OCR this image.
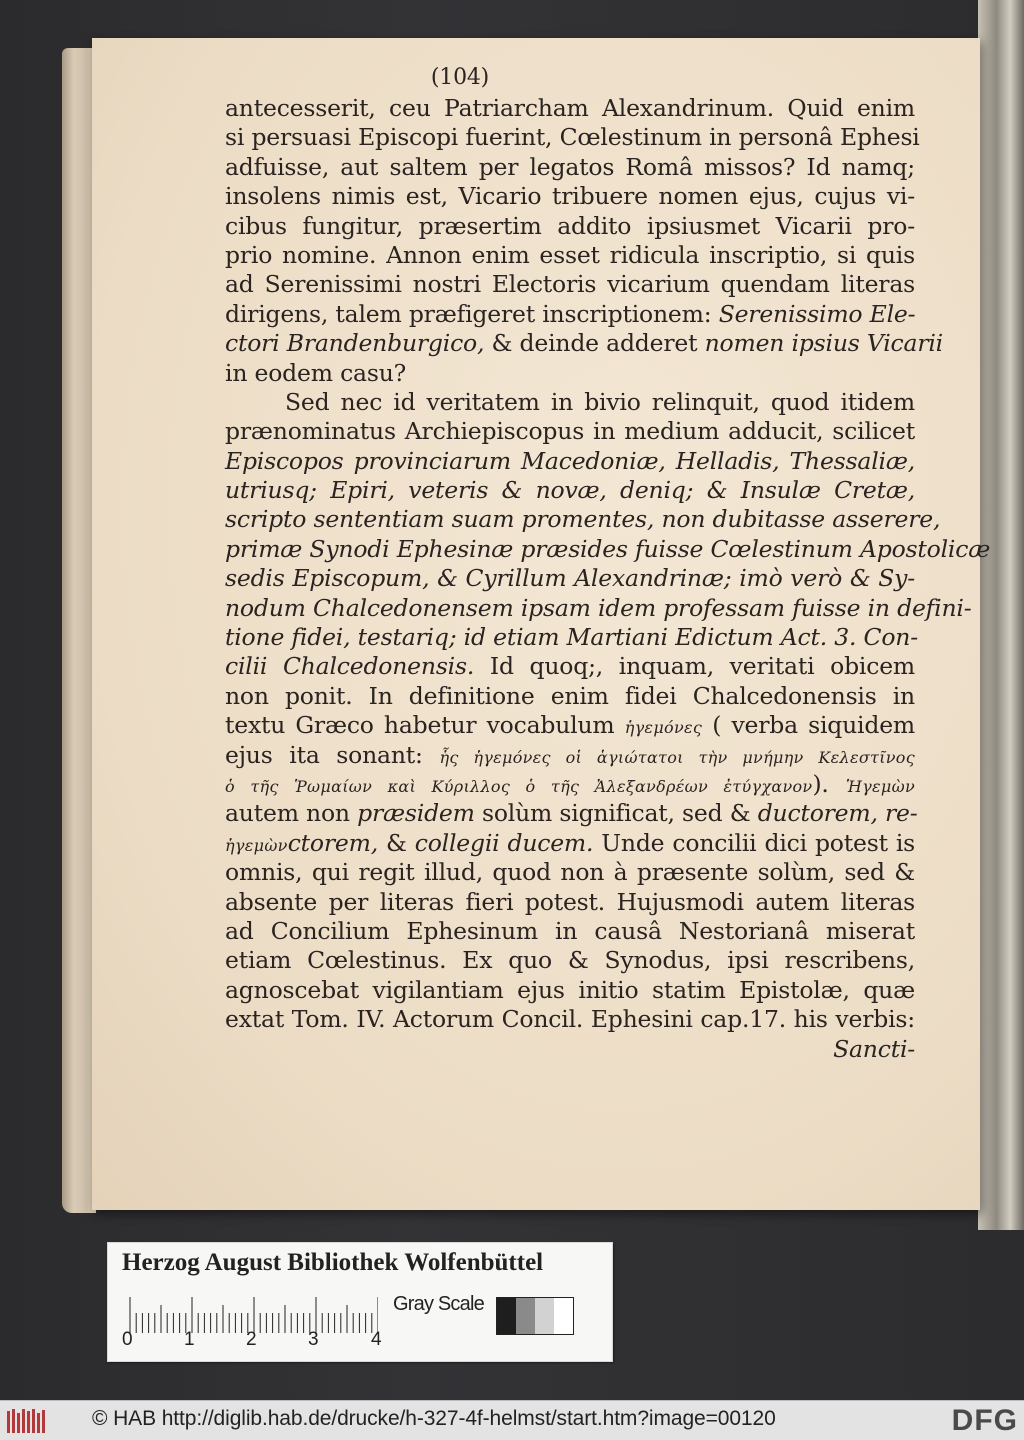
(104)
antecesserit, ceu Patriarcham Alexandrinum. Quid enim
si persuasi Episcopi fuerint, Cœlestinum in personâ Ephesi
adfuisse, aut saltem per legatos Româ missos? Id namq;
insolens nimis est, Vicario tribuere nomen ejus, cujus vi-
cibus fungitur, præsertim addito ipsiusmet Vicarii pro-
prio nomine. Annon enim esset ridicula inscriptio, si quis
ad Serenissimi nostri Electoris vicarium quendam literas
dirigens, talem præfigeret inscriptionem: Serenissimo Ele-
ctori Brandenburgico, & deinde adderet nomen ipsius Vicarii
in eodem casu?
Sed nec id veritatem in bivio relinquit, quod itidem
prænominatus Archiepiscopus in medium adducit, scilicet
Episcopos provinciarum Macedoniæ, Helladis, Thessaliæ,
utriusq; Epiri, veteris & novæ, deniq; & Insulæ Cretæ,
scripto sententiam suam promentes, non dubitasse asserere,
primæ Synodi Ephesinæ præsides fuisse Cœlestinum Apostolicæ
sedis Episcopum, & Cyrillum Alexandrinæ; imò verò & Sy-
nodum Chalcedonensem ipsam idem professam fuisse in defini-
tione fidei, testariq; id etiam Martiani Edictum Act. 3. Con-
cilii Chalcedonensis. Id quoq;, inquam, veritati obicem
non ponit. In definitione enim fidei Chalcedonensis in
textu Græco habetur vocabulum ἡγεμόνες ( verba siquidem
ejus ita sonant: ἧς ἡγεμόνες οἱ ἁγιώτατοι τὴν μνήμην Κελεστῖνος
ὁ τῆς Ῥωμαίων καὶ Κύριλλος ὁ τῆς Ἀλεξανδρέων ἐτύγχανον). Ἡγεμὼν
autem non præsidem solùm significat, sed & ductorem, re-
ἡγεμὼνctorem, & collegii ducem. Unde concilii dici potest is
omnis, qui regit illud, quod non à præsente solùm, sed &
absente per literas fieri potest. Hujusmodi autem literas
ad Concilium Ephesinum in causâ Nestorianâ miserat
etiam Cœlestinus. Ex quo & Synodus, ipsi rescribens,
agnoscebat vigilantiam ejus initio statim Epistolæ, quæ
extat Tom. IV. Actorum Concil. Ephesini cap.17. his verbis:
Sancti-
Herzog August Bibliothek Wolfenbüttel
0	1	2	3	4
Gray Scale
© HAB http://diglib.hab.de/drucke/h-327-4f-helmst/start.htm?image=00120	DFG
